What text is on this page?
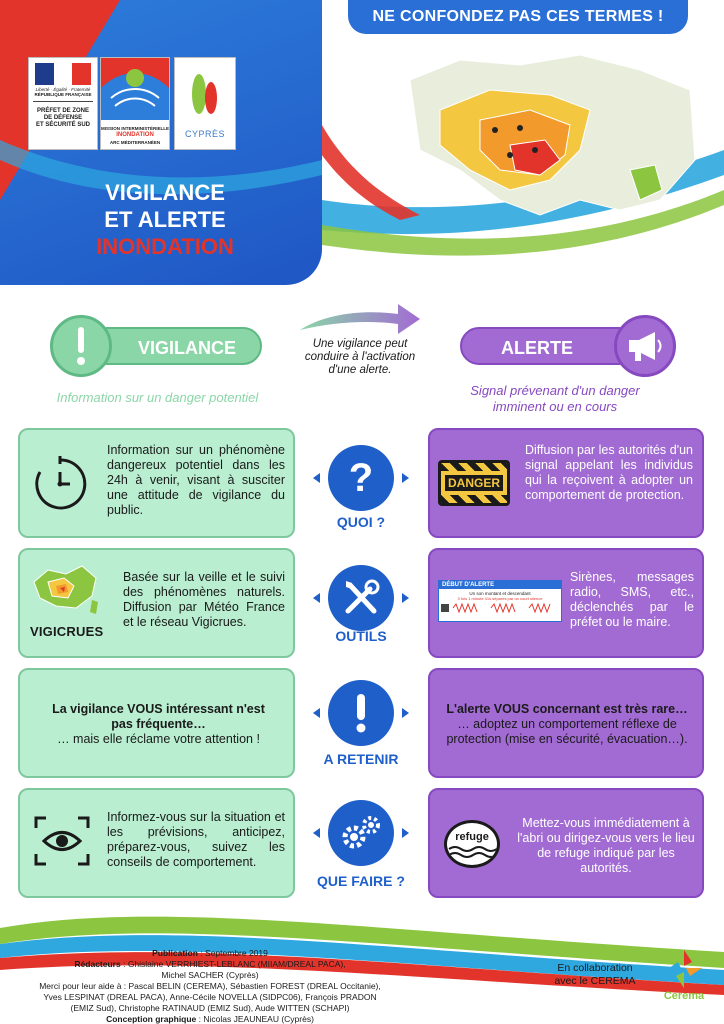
Liberté · Égalité · Fraternité
RÉPUBLIQUE FRANÇAISE
PRÉFET DE ZONE
DE DÉFENSE
ET SÉCURITÉ SUD
MISSION INTERMINISTÉRIELLE
INONDATION
ARC MÉDITERRANÉEN
CYPRÈS
VIGILANCE
ET ALERTE
INONDATION
NE CONFONDEZ PAS CES TERMES !
VIGILANCE
Information sur un danger potentiel
Une vigilance peut conduire à l'activation d'une alerte.
ALERTE
Signal prévenant d'un danger imminent ou en cours
Information sur un phénomène dangereux potentiel dans les 24h à venir, visant à susciter une attitude de vigilance du public.
?
QUOI ?
DANGER
Diffusion par les autorités d'un signal appelant les individus qui la reçoivent à adopter un comportement de protection.
VIGICRUES
Basée sur la veille et le suivi des phénomènes naturels. Diffusion par Météo France et le réseau Vigicrues.
OUTILS
DÉBUT D'ALERTE
Un son montant et descendant
3 fois 1 minute 41s séparés par un court silence
Sirènes, messages radio, SMS, etc., déclenchés par le préfet ou le maire.
La vigilance VOUS intéressant n'est pas fréquente…
… mais elle réclame votre attention !
A RETENIR
L'alerte VOUS concernant est très rare…
… adoptez un comportement réflexe de protection (mise en sécurité, évacuation…).
Informez-vous sur la situation et les prévisions, anticipez, préparez-vous, suivez les conseils de comportement.
QUE FAIRE ?
refuge
Mettez-vous immédiatement à l'abri ou dirigez-vous vers le lieu de refuge indiqué par les autorités.
Publication : Septembre 2019
Rédacteurs : Ghislaine VERRHIEST-LEBLANC (MIIAM/DREAL PACA),
Michel SACHER (Cyprès)
Merci pour leur aide à : Pascal BELIN (CEREMA), Sébastien FOREST (DREAL Occitanie),
Yves LESPINAT (DREAL PACA), Anne-Cécile NOVELLA (SIDPC06), François PRADON
(EMIZ Sud), Christophe RATINAUD (EMIZ Sud), Aude WITTEN (SCHAPI)
Conception graphique : Nicolas JEAUNEAU (Cyprès)
En collaboration
avec le CEREMA
Cerema
